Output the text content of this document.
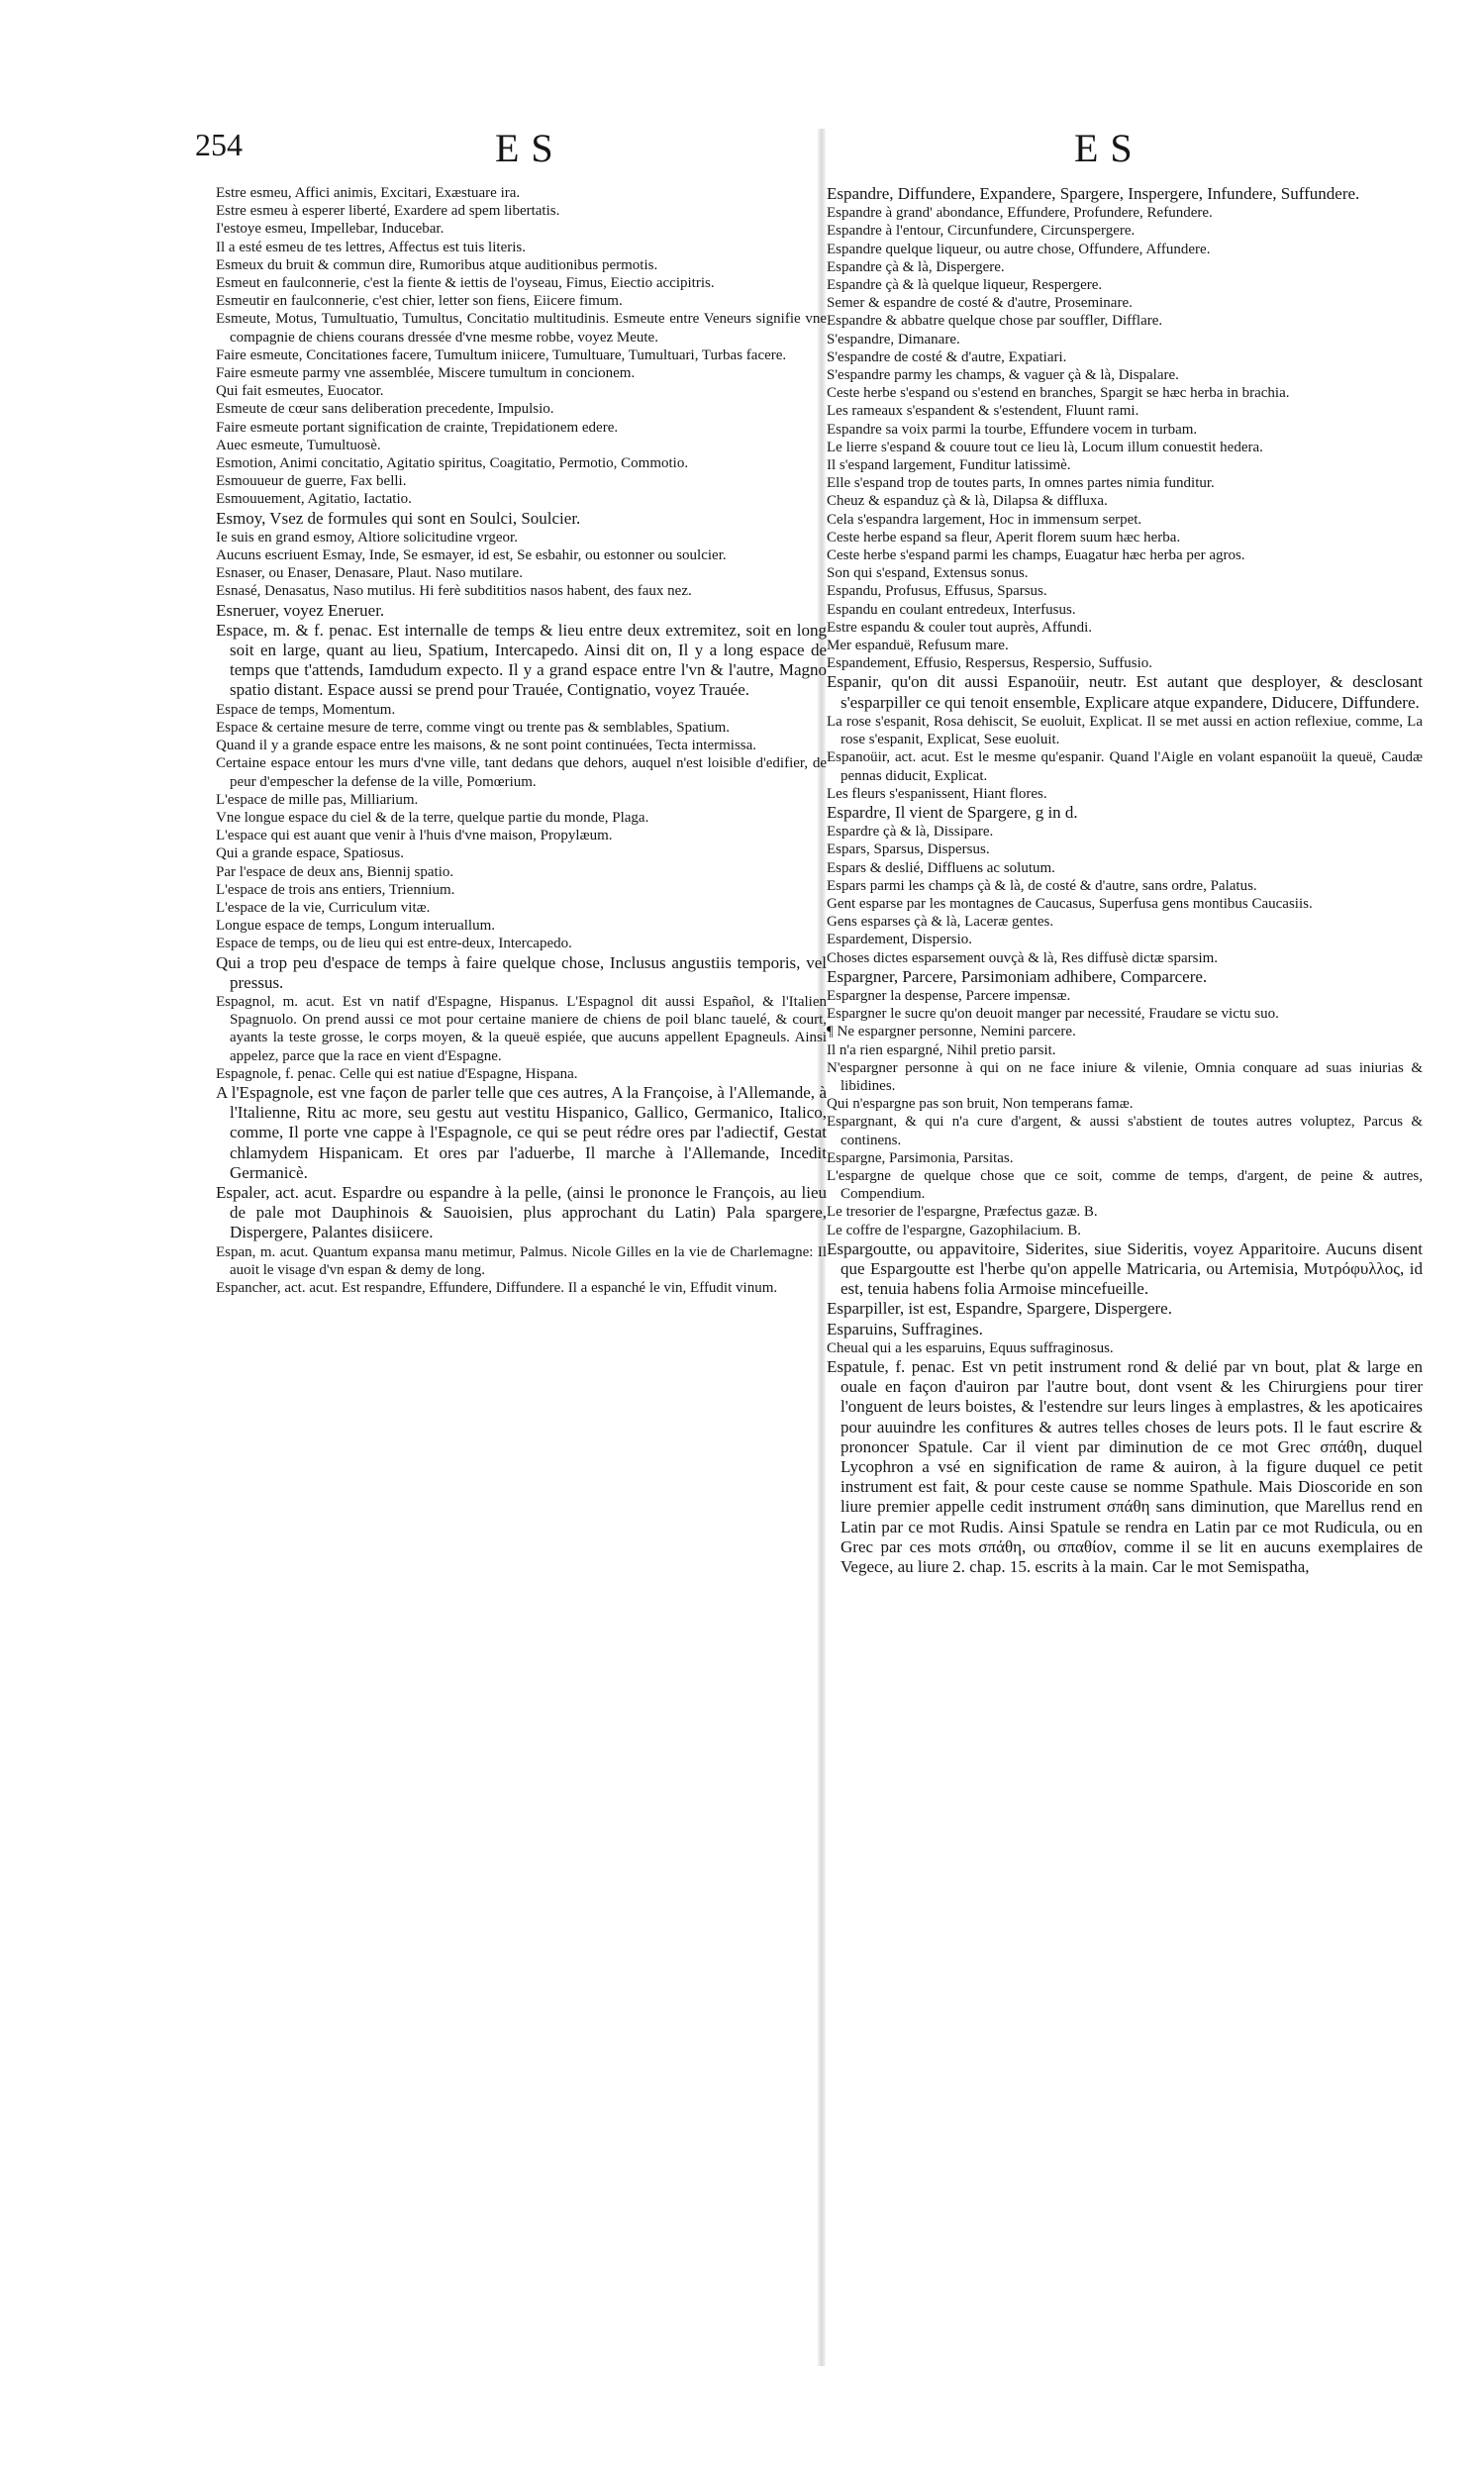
254	ES	ES

Estre esmeu, Affici animis, Excitari, Exæstuare ira.

Estre esmeu à esperer liberté, Exardere ad spem libertatis.

I'estoye esmeu, Impellebar, Inducebar.

Il a esté esmeu de tes lettres, Affectus est tuis literis.

Esmeux du bruit & commun dire, Rumoribus atque auditionibus permotis.

Esmeut en faulconnerie, c'est la fiente & iettis de l'oyseau, Fimus, Eiectio accipitris.

Esmeutir en faulconnerie, c'est chier, letter son fiens, Eiicere fimum.

Esmeute, Motus, Tumultuatio, Tumultus, Concitatio multitudinis. Esmeute entre Veneurs signifie vne compagnie de chiens courans dressée d'vne mesme robbe, voyez Meute.

Faire esmeute, Concitationes facere, Tumultum iniicere, Tumultuare, Tumultuari, Turbas facere.

Faire esmeute parmy vne assemblée, Miscere tumultum in concionem.

Qui fait esmeutes, Euocator.

Esmeute de cœur sans deliberation precedente, Impulsio.

Faire esmeute portant signification de crainte, Trepidationem edere.

Auec esmeute, Tumultuosè.

Esmotion, Animi concitatio, Agitatio spiritus, Coagitatio, Permotio, Commotio.

Esmouueur de guerre, Fax belli.

Esmouuement, Agitatio, Iactatio.

Esmoy, Vsez de formules qui sont en Soulci, Soulcier.

Ie suis en grand esmoy, Altiore solicitudine vrgeor.

Aucuns escriuent Esmay, Inde, Se esmayer, id est, Se esbahir, ou estonner ou soulcier.

Esnaser, ou Enaser, Denasare, Plaut. Naso mutilare.

Esnasé, Denasatus, Naso mutilus. Hi ferè subdititios nasos habent, des faux nez.

Esneruer, voyez Eneruer.

Espace, m. & f. penac. Est internalle de temps & lieu entre deux extremitez, soit en long soit en large, quant au lieu, Spatium, Intercapedo. Ainsi dit on, Il y a long espace de temps que t'attends, Iamdudum expecto. Il y a grand espace entre l'vn & l'autre, Magno spatio distant. Espace aussi se prend pour Trauée, Contignatio, voyez Trauée.

Espace de temps, Momentum.

Espace & certaine mesure de terre, comme vingt ou trente pas & semblables, Spatium.

Quand il y a grande espace entre les maisons, & ne sont point continuées, Tecta intermissa.

Certaine espace entour les murs d'vne ville, tant dedans que dehors, auquel n'est loisible d'edifier, de peur d'empescher la defense de la ville, Pomœrium.

L'espace de mille pas, Milliarium.

Vne longue espace du ciel & de la terre, quelque partie du monde, Plaga.

L'espace qui est auant que venir à l'huis d'vne maison, Propylæum.

Qui a grande espace, Spatiosus.

Par l'espace de deux ans, Biennij spatio.

L'espace de trois ans entiers, Triennium.

L'espace de la vie, Curriculum vitæ.

Longue espace de temps, Longum interuallum.

Espace de temps, ou de lieu qui est entre-deux, Intercapedo.

Qui a trop peu d'espace de temps à faire quelque chose, Inclusus angustiis temporis, vel pressus.

Espagnol, m. acut. Est vn natif d'Espagne, Hispanus. L'Espagnol dit aussi Español, & l'Italien Spagnuolo. On prend aussi ce mot pour certaine maniere de chiens de poil blanc tauelé, & court, ayants la teste grosse, le corps moyen, & la queuë espiée, que aucuns appellent Epagneuls. Ainsi appelez, parce que la race en vient d'Espagne.

Espagnole, f. penac. Celle qui est natiue d'Espagne, Hispana.

A l'Espagnole, est vne façon de parler telle que ces autres, A la Françoise, à l'Allemande, à l'Italienne, Ritu ac more, seu gestu aut vestitu Hispanico, Gallico, Germanico, Italico, comme, Il porte vne cappe à l'Espagnole, ce qui se peut rédre ores par l'adiectif, Gestat chlamydem Hispanicam. Et ores par l'aduerbe, Il marche à l'Allemande, Incedit Germanicè.

Espaler, act. acut. Espardre ou espandre à la pelle, (ainsi le prononce le François, au lieu de pale mot Dauphinois & Sauoisien, plus approchant du Latin) Pala spargere, Dispergere, Palantes disiicere.

Espan, m. acut. Quantum expansa manu metimur, Palmus. Nicole Gilles en la vie de Charlemagne: Il auoit le visage d'vn espan & demy de long.

Espancher, act. acut. Est respandre, Effundere, Diffundere. Il a espanché le vin, Effudit vinum.

Espandre, Diffundere, Expandere, Spargere, Inspergere, Infundere, Suffundere.

Espandre à grand' abondance, Effundere, Profundere, Refundere.

Espandre à l'entour, Circunfundere, Circunspergere.

Espandre quelque liqueur, ou autre chose, Offundere, Affundere.

Espandre çà & là, Dispergere.

Espandre çà & là quelque liqueur, Respergere.

Semer & espandre de costé & d'autre, Proseminare.

Espandre & abbatre quelque chose par souffler, Difflare.

S'espandre, Dimanare.

S'espandre de costé & d'autre, Expatiari.

S'espandre parmy les champs, & vaguer çà & là, Dispalare.

Ceste herbe s'espand ou s'estend en branches, Spargit se hæc herba in brachia.

Les rameaux s'espandent & s'estendent, Fluunt rami.

Espandre sa voix parmi la tourbe, Effundere vocem in turbam.

Le lierre s'espand & couure tout ce lieu là, Locum illum conuestit hedera.

Il s'espand largement, Funditur latissimè.

Elle s'espand trop de toutes parts, In omnes partes nimia funditur.

Cheuz & espanduz çà & là, Dilapsa & diffluxa.

Cela s'espandra largement, Hoc in immensum serpet.

Ceste herbe espand sa fleur, Aperit florem suum hæc herba.

Ceste herbe s'espand parmi les champs, Euagatur hæc herba per agros.

Son qui s'espand, Extensus sonus.

Espandu, Profusus, Effusus, Sparsus.

Espandu en coulant entredeux, Interfusus.

Estre espandu & couler tout auprès, Affundi.

Mer espanduë, Refusum mare.

Espandement, Effusio, Respersus, Respersio, Suffusio.

Espanir, qu'on dit aussi Espanoüir, neutr. Est autant que desployer, & desclosant s'esparpiller ce qui tenoit ensemble, Explicare atque expandere, Diducere, Diffundere.

La rose s'espanit, Rosa dehiscit, Se euoluit, Explicat. Il se met aussi en action reflexiue, comme, La rose s'espanit, Explicat, Sese euoluit.

Espanoüir, act. acut. Est le mesme qu'espanir. Quand l'Aigle en volant espanoüit la queuë, Caudæ pennas diducit, Explicat.

Les fleurs s'espanissent, Hiant flores.

Espardre, Il vient de Spargere, g in d.

Espardre çà & là, Dissipare.

Espars, Sparsus, Dispersus.

Espars & deslié, Diffluens ac solutum.

Espars parmi les champs çà & là, de costé & d'autre, sans ordre, Palatus.

Gent esparse par les montagnes de Caucasus, Superfusa gens montibus Caucasiis.

Gens esparses çà & là, Laceræ gentes.

Espardement, Dispersio.

Choses dictes esparsement ouvçà & là, Res diffusè dictæ sparsim.

Espargner, Parcere, Parsimoniam adhibere, Comparcere.

Espargner la despense, Parcere impensæ.

Espargner le sucre qu'on deuoit manger par necessité, Fraudare se victu suo.

¶ Ne espargner personne, Nemini parcere.

Il n'a rien espargné, Nihil pretio parsit.

N'espargner personne à qui on ne face iniure & vilenie, Omnia conquare ad suas iniurias & libidines.

Qui n'espargne pas son bruit, Non temperans famæ.

Espargnant, & qui n'a cure d'argent, & aussi s'abstient de toutes autres voluptez, Parcus & continens.

Espargne, Parsimonia, Parsitas.

L'espargne de quelque chose que ce soit, comme de temps, d'argent, de peine & autres, Compendium.

Le tresorier de l'espargne, Præfectus gazæ. B.

Le coffre de l'espargne, Gazophilacium. B.

Espargoutte, ou appavitoire, Siderites, siue Sideritis, voyez Apparitoire. Aucuns disent que Espargoutte est l'herbe qu'on appelle Matricaria, ou Artemisia, Μυτρόφυλλος, id est, tenuia habens folia Armoise mincefueille.

Esparpiller, ist est, Espandre, Spargere, Dispergere.

Esparuins, Suffragines.

Cheual qui a les esparuins, Equus suffraginosus.

Espatule, f. penac. Est vn petit instrument rond & delié par vn bout, plat & large en ouale en façon d'auiron par l'autre bout, dont vsent & les Chirurgiens pour tirer l'onguent de leurs boistes, & l'estendre sur leurs linges à emplastres, & les apoticaires pour auuindre les confitures & autres telles choses de leurs pots. Il le faut escrire & prononcer Spatule. Car il vient par diminution de ce mot Grec σπάθη, duquel Lycophron a vsé en signification de rame & auiron, à la figure duquel ce petit instrument est fait, & pour ceste cause se nomme Spathule. Mais Dioscoride en son liure premier appelle cedit instrument σπάθη sans diminution, que Marellus rend en Latin par ce mot Rudis. Ainsi Spatule se rendra en Latin par ce mot Rudicula, ou en Grec par ces mots σπάθη, ou σπαθίον, comme il se lit en aucuns exemplaires de Vegece, au liure 2. chap. 15. escrits à la main. Car le mot Semispatha,
